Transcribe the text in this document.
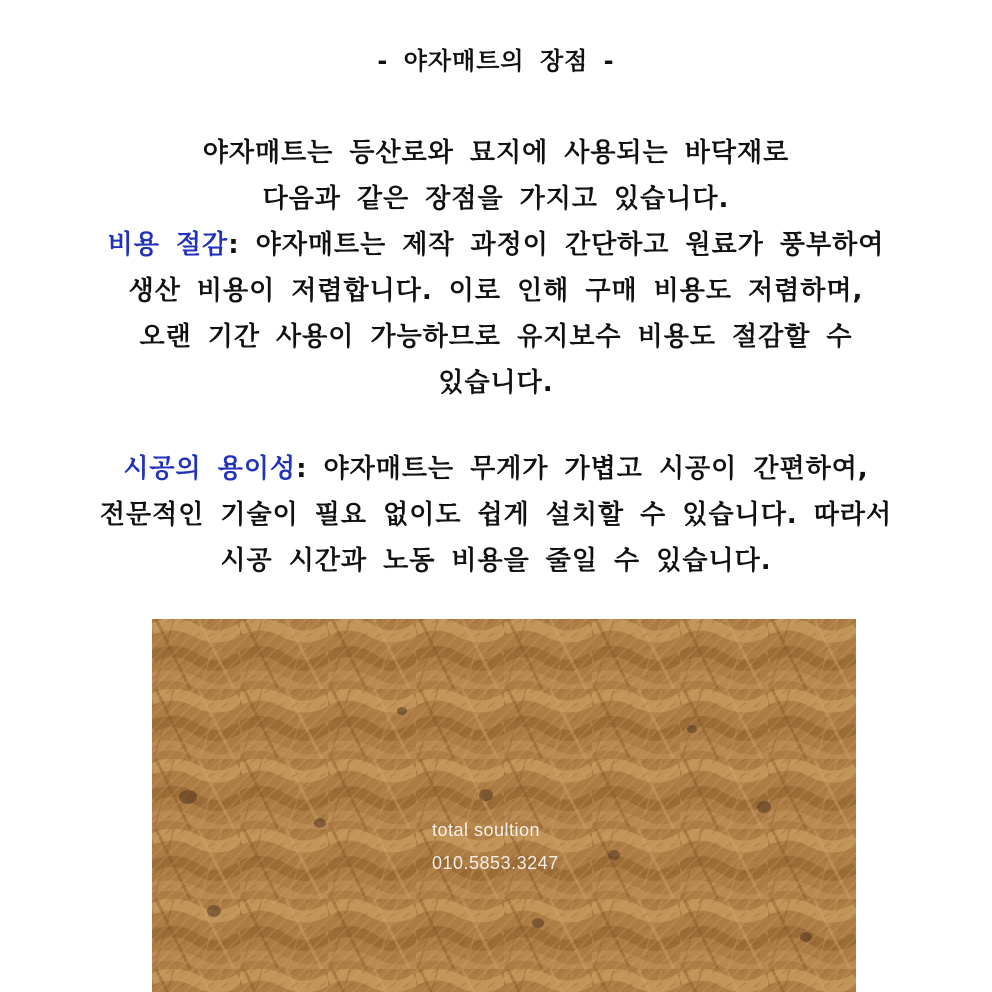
- 야자매트의 장점 -
야자매트는 등산로와 묘지에 사용되는 바닥재로
다음과 같은 장점을 가지고 있습니다.
비용 절감: 야자매트는 제작 과정이 간단하고 원료가 풍부하여
생산 비용이 저렴합니다. 이로 인해 구매 비용도 저렴하며,
오랜 기간 사용이 가능하므로 유지보수 비용도 절감할 수
있습니다.
시공의 용이성: 야자매트는 무게가 가볍고 시공이 간편하여,
전문적인 기술이 필요 없이도 쉽게 설치할 수 있습니다. 따라서
시공 시간과 노동 비용을 줄일 수 있습니다.
total soultion
010.5853.3247
